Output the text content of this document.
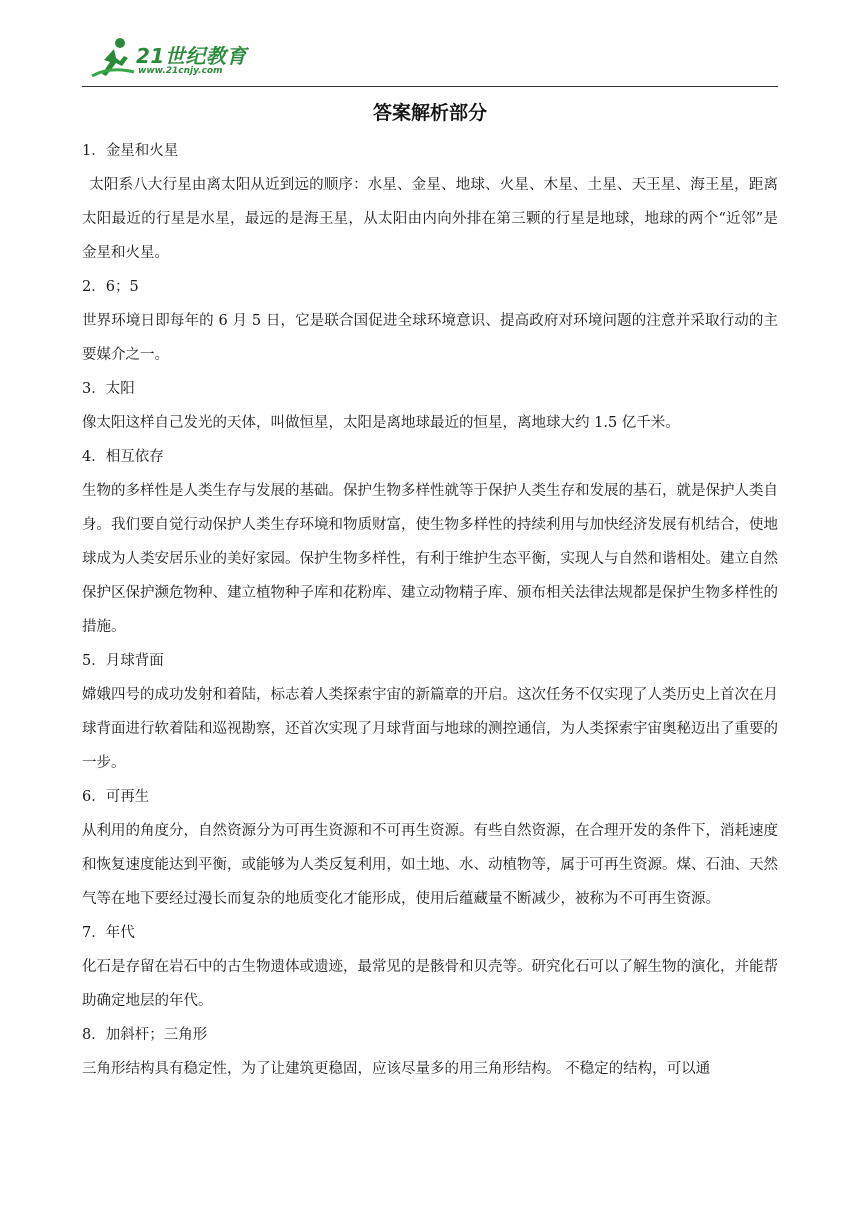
21世纪教育
www.21cnjy.com
答案解析部分

1．金星和火星

太阳系八大行星由离太阳从近到远的顺序：水星、金星、地球、火星、木星、土星、天王星、海王星，距离太阳最近的行星是水星，最远的是海王星，从太阳由内向外排在第三颗的行星是地球，地球的两个“近邻”是金星和火星。

2．6；5

世界环境日即每年的 6 月 5 日，它是联合国促进全球环境意识、提高政府对环境问题的注意并采取行动的主要媒介之一。

3．太阳

像太阳这样自己发光的天体，叫做恒星，太阳是离地球最近的恒星，离地球大约 1.5 亿千米。

4．相互依存

生物的多样性是人类生存与发展的基础。保护生物多样性就等于保护人类生存和发展的基石，就是保护人类自身。我们要自觉行动保护人类生存环境和物质财富，使生物多样性的持续利用与加快经济发展有机结合，使地球成为人类安居乐业的美好家园。保护生物多样性，有利于维护生态平衡，实现人与自然和谐相处。建立自然保护区保护濒危物种、建立植物种子库和花粉库、建立动物精子库、颁布相关法律法规都是保护生物多样性的措施。

5．月球背面

嫦娥四号的成功发射和着陆，标志着人类探索宇宙的新篇章的开启。这次任务不仅实现了人类历史上首次在月球背面进行软着陆和巡视勘察，还首次实现了月球背面与地球的测控通信，为人类探索宇宙奥秘迈出了重要的一步。

6．可再生

从利用的角度分，自然资源分为可再生资源和不可再生资源。有些自然资源，在合理开发的条件下，消耗速度和恢复速度能达到平衡，或能够为人类反复利用，如土地、水、动植物等，属于可再生资源。煤、石油、天然气等在地下要经过漫长而复杂的地质变化才能形成，使用后蕴藏量不断减少，被称为不可再生资源。

7．年代

化石是存留在岩石中的古生物遗体或遗迹，最常见的是骸骨和贝壳等。研究化石可以了解生物的演化，并能帮助确定地层的年代。

8．加斜杆；三角形

三角形结构具有稳定性，为了让建筑更稳固，应该尽量多的用三角形结构。 不稳定的结构，可以通
